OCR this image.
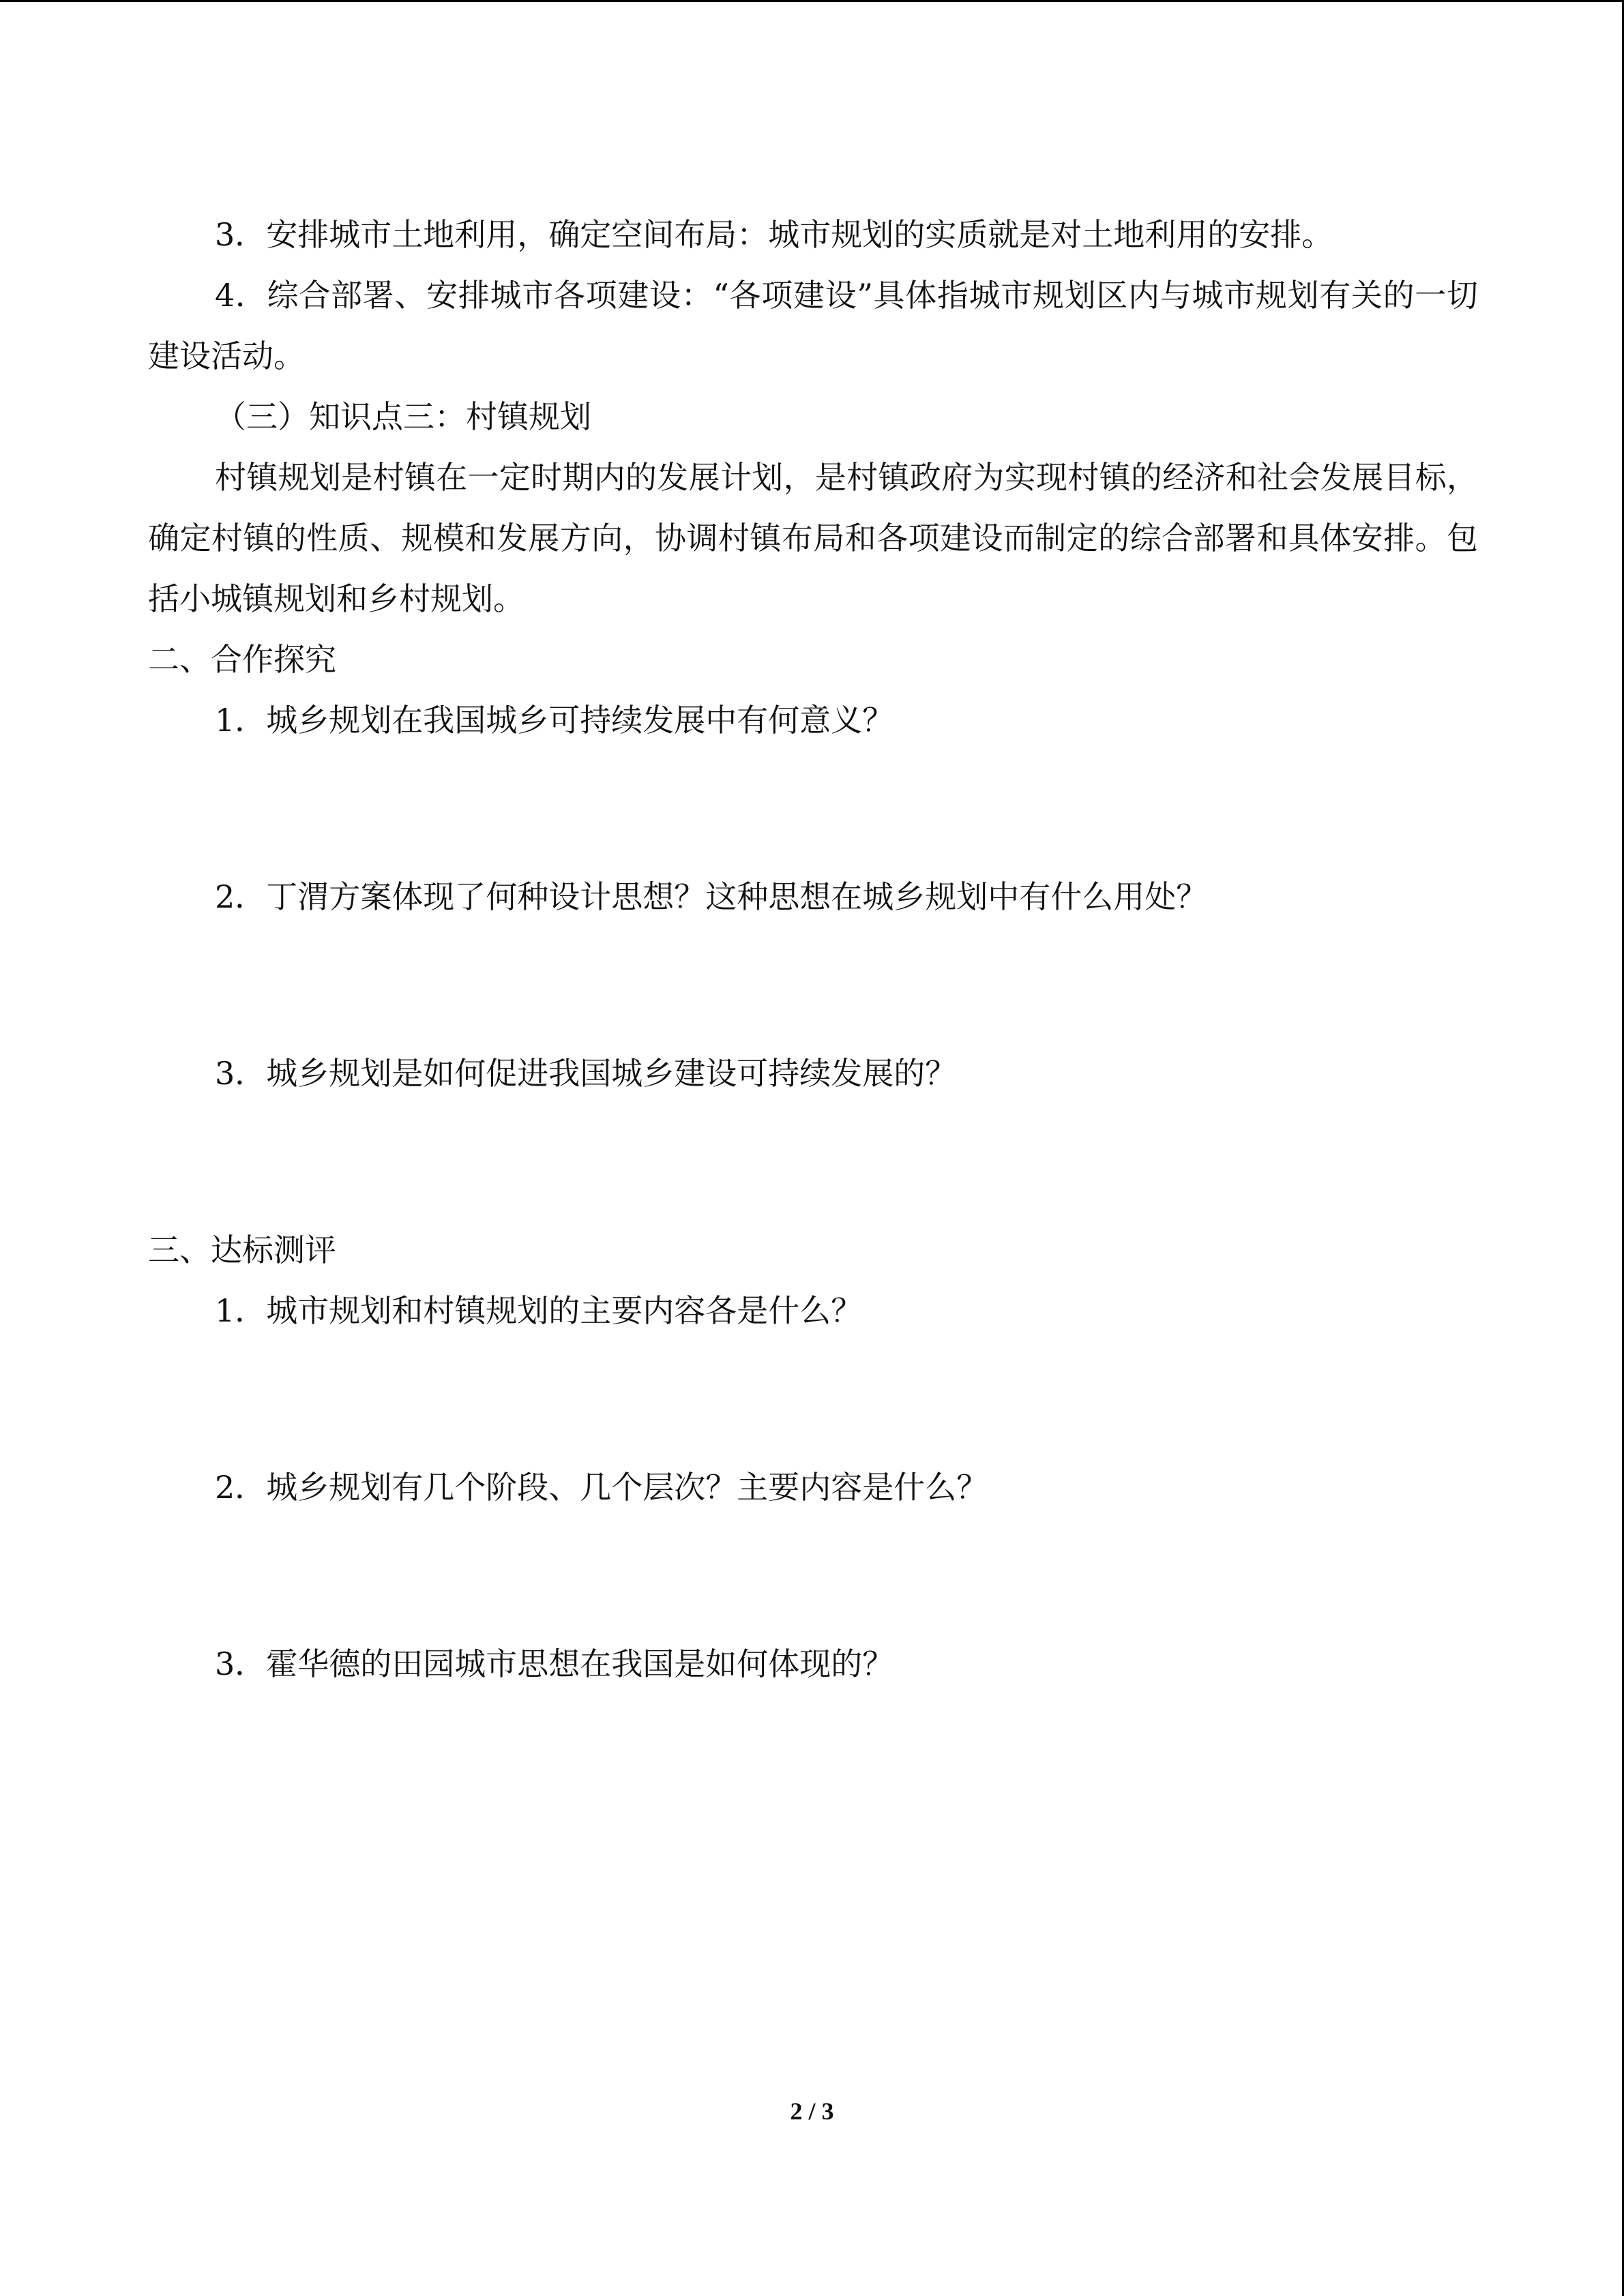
3．安排城市土地利用，确定空间布局：城市规划的实质就是对土地利用的安排。

4．综合部署、安排城市各项建设：“各项建设”具体指城市规划区内与城市规划有关的一切建设活动。

（三）知识点三：村镇规划

村镇规划是村镇在一定时期内的发展计划，是村镇政府为实现村镇的经济和社会发展目标，确定村镇的性质、规模和发展方向，协调村镇布局和各项建设而制定的综合部署和具体安排。包括小城镇规划和乡村规划。

二、合作探究

1．城乡规划在我国城乡可持续发展中有何意义？

2．丁渭方案体现了何种设计思想？这种思想在城乡规划中有什么用处？

3．城乡规划是如何促进我国城乡建设可持续发展的？

三、达标测评

1．城市规划和村镇规划的主要内容各是什么？

2．城乡规划有几个阶段、几个层次？主要内容是什么？

3．霍华德的田园城市思想在我国是如何体现的？

2 / 3
